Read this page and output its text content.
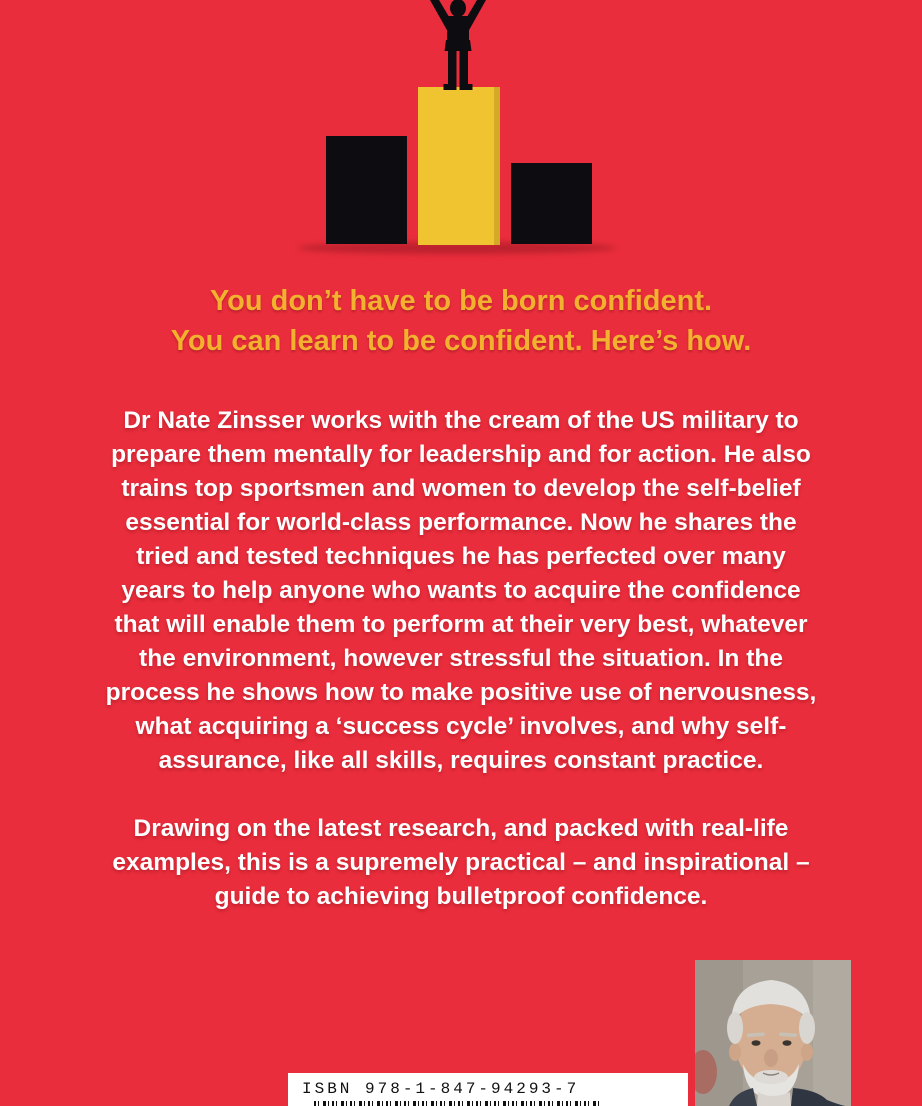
You don’t have to be born confident.
You can learn to be confident. Here’s how.
Dr Nate Zinsser works with the cream of the US military to
prepare them mentally for leadership and for action. He also
trains top sportsmen and women to develop the self-belief
essential for world-class performance. Now he shares the
tried and tested techniques he has perfected over many
years to help anyone who wants to acquire the confidence
that will enable them to perform at their very best, whatever
the environment, however stressful the situation. In the
process he shows how to make positive use of nervousness,
what acquiring a ‘success cycle’ involves, and why self-
assurance, like all skills, requires constant practice.
Drawing on the latest research, and packed with real-life
examples, this is a supremely practical – and inspirational –
guide to achieving bulletproof confidence.
ISBN 978-1-847-94293-7
